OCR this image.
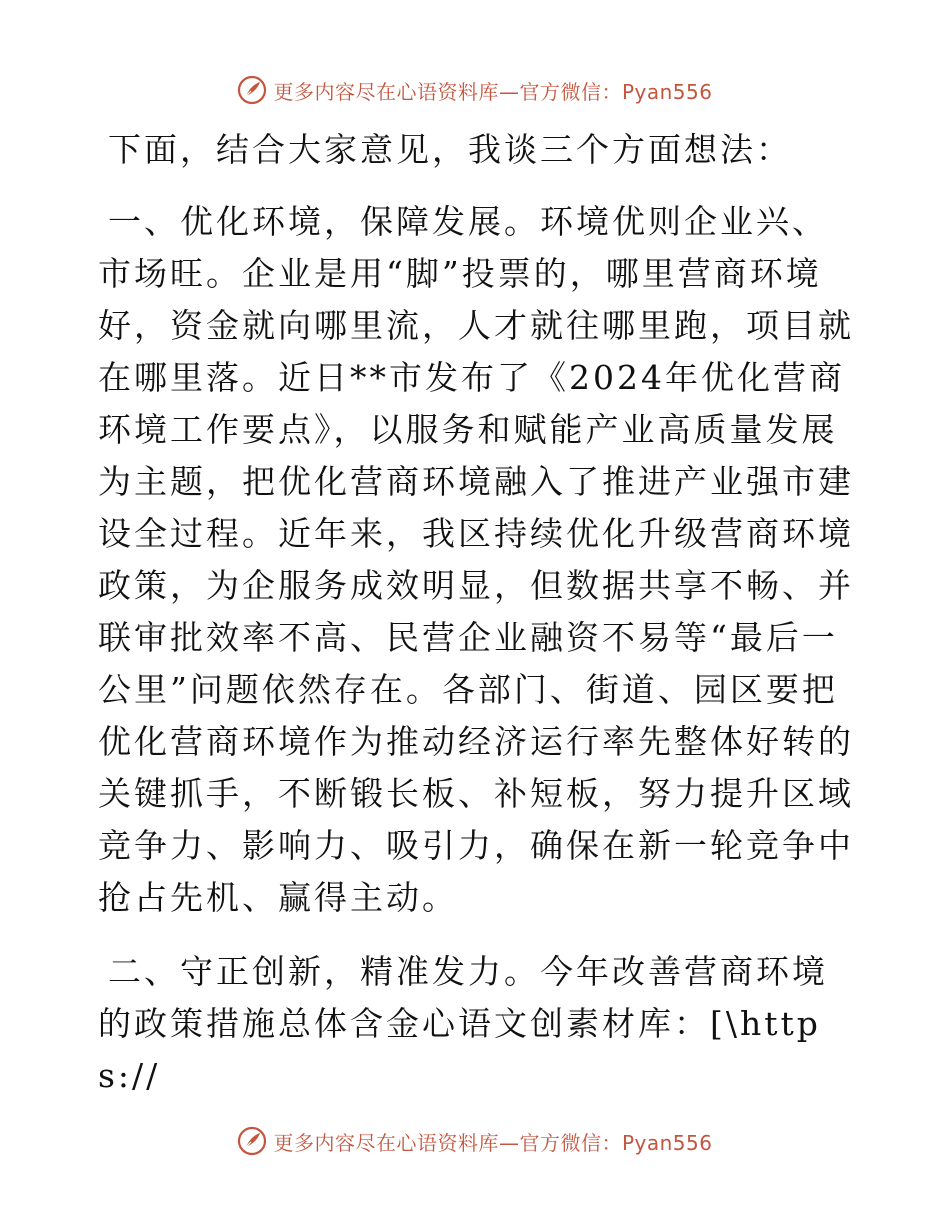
更多内容尽在心语资料库—官方微信：Pyan556

下面，结合大家意见，我谈三个方面想法：

一、优化环境，保障发展。环境优则企业兴、市场旺。企业是用“脚”投票的，哪里营商环境好，资金就向哪里流，人才就往哪里跑，项目就在哪里落。近日**市发布了《2024年优化营商环境工作要点》，以服务和赋能产业高质量发展为主题，把优化营商环境融入了推进产业强市建设全过程。近年来，我区持续优化升级营商环境政策，为企服务成效明显，但数据共享不畅、并联审批效率不高、民营企业融资不易等“最后一公里”问题依然存在。各部门、街道、园区要把优化营商环境作为推动经济运行率先整体好转的关键抓手，不断锻长板、补短板，努力提升区域竞争力、影响力、吸引力，确保在新一轮竞争中抢占先机、赢得主动。

二、守正创新，精准发力。今年改善营商环境的政策措施总体含金心语文创素材库：[\https://

更多内容尽在心语资料库—官方微信：Pyan556
